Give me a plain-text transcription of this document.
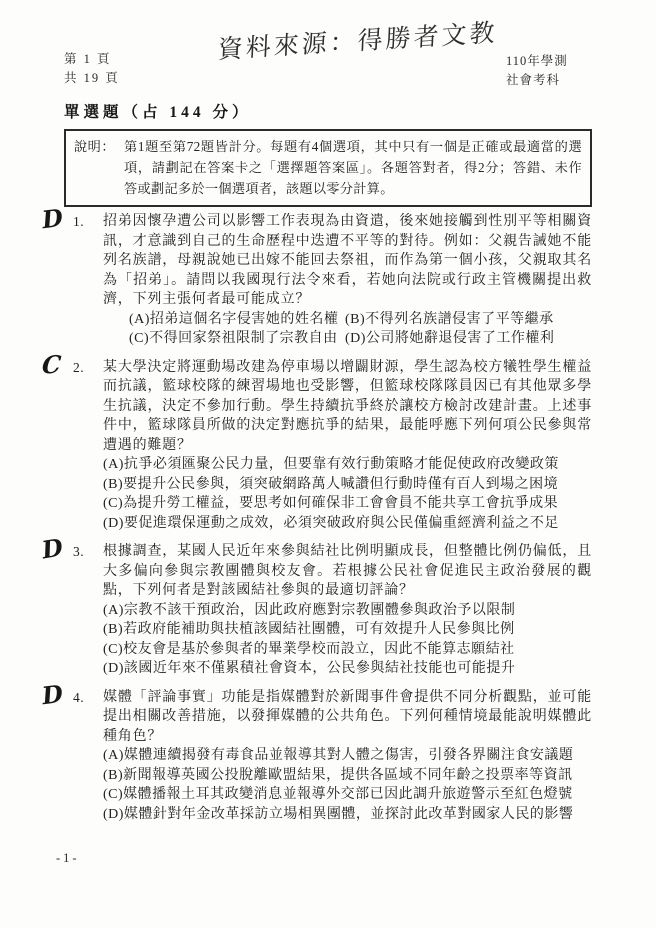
第 1 頁
共 19 頁
資料來源：得勝者文教 110年學測
社會考科
單選題（占 144 分）
說明： 第1題至第72題皆計分。每題有4個選項，其中只有一個是正確或最適當的選項，請劃記在答案卡之「選擇題答案區」。各題答對者，得2分；答錯、未作答或劃記多於一個選項者，該題以零分計算。
D 1. 招弟因懷孕遭公司以影響工作表現為由資遣，後來她接觸到性別平等相關資訊，才意識到自己的生命歷程中迭遭不平等的對待。例如：父親告誡她不能列名族譜，母親說她已出嫁不能回去祭祖，而作為第一個小孩，父親取其名為「招弟」。請問以我國現行法令來看，若她向法院或行政主管機關提出救濟，下列主張何者最可能成立？
(A)招弟這個名字侵害她的姓名權 (B)不得列名族譜侵害了平等繼承
(C)不得回家祭祖限制了宗教自由 (D)公司將她辭退侵害了工作權利
C 2. 某大學決定將運動場改建為停車場以增闢財源，學生認為校方犧牲學生權益而抗議，籃球校隊的練習場地也受影響，但籃球校隊隊員因已有其他眾多學生抗議，決定不參加行動。學生持續抗爭終於讓校方檢討改建計畫。上述事件中，籃球隊員所做的決定對應抗爭的結果，最能呼應下列何項公民參與常遭遇的難題？
(A)抗爭必須匯聚公民力量，但要靠有效行動策略才能促使政府改變政策
(B)要提升公民參與，須突破網路萬人喊讚但行動時僅有百人到場之困境
(C)為提升勞工權益，要思考如何確保非工會會員不能共享工會抗爭成果
(D)要促進環保運動之成效，必須突破政府與公民僅偏重經濟利益之不足
D 3. 根據調查，某國人民近年來參與結社比例明顯成長，但整體比例仍偏低，且大多偏向參與宗教團體與校友會。若根據公民社會促進民主政治發展的觀點，下列何者是對該國結社參與的最適切評論？
(A)宗教不該干預政治，因此政府應對宗教團體參與政治予以限制
(B)若政府能補助與扶植該國結社團體，可有效提升人民參與比例
(C)校友會是基於參與者的畢業學校而設立，因此不能算志願結社
(D)該國近年來不僅累積社會資本，公民參與結社技能也可能提升
D 4. 媒體「評論事實」功能是指媒體對於新聞事件會提供不同分析觀點，並可能提出相關改善措施，以發揮媒體的公共角色。下列何種情境最能說明媒體此種角色？
(A)媒體連續揭發有毒食品並報導其對人體之傷害，引發各界關注食安議題
(B)新聞報導英國公投脫離歐盟結果，提供各區域不同年齡之投票率等資訊
(C)媒體播報土耳其政變消息並報導外交部已因此調升旅遊警示至紅色燈號
(D)媒體針對年金改革採訪立場相異團體，並探討此改革對國家人民的影響
-1-
